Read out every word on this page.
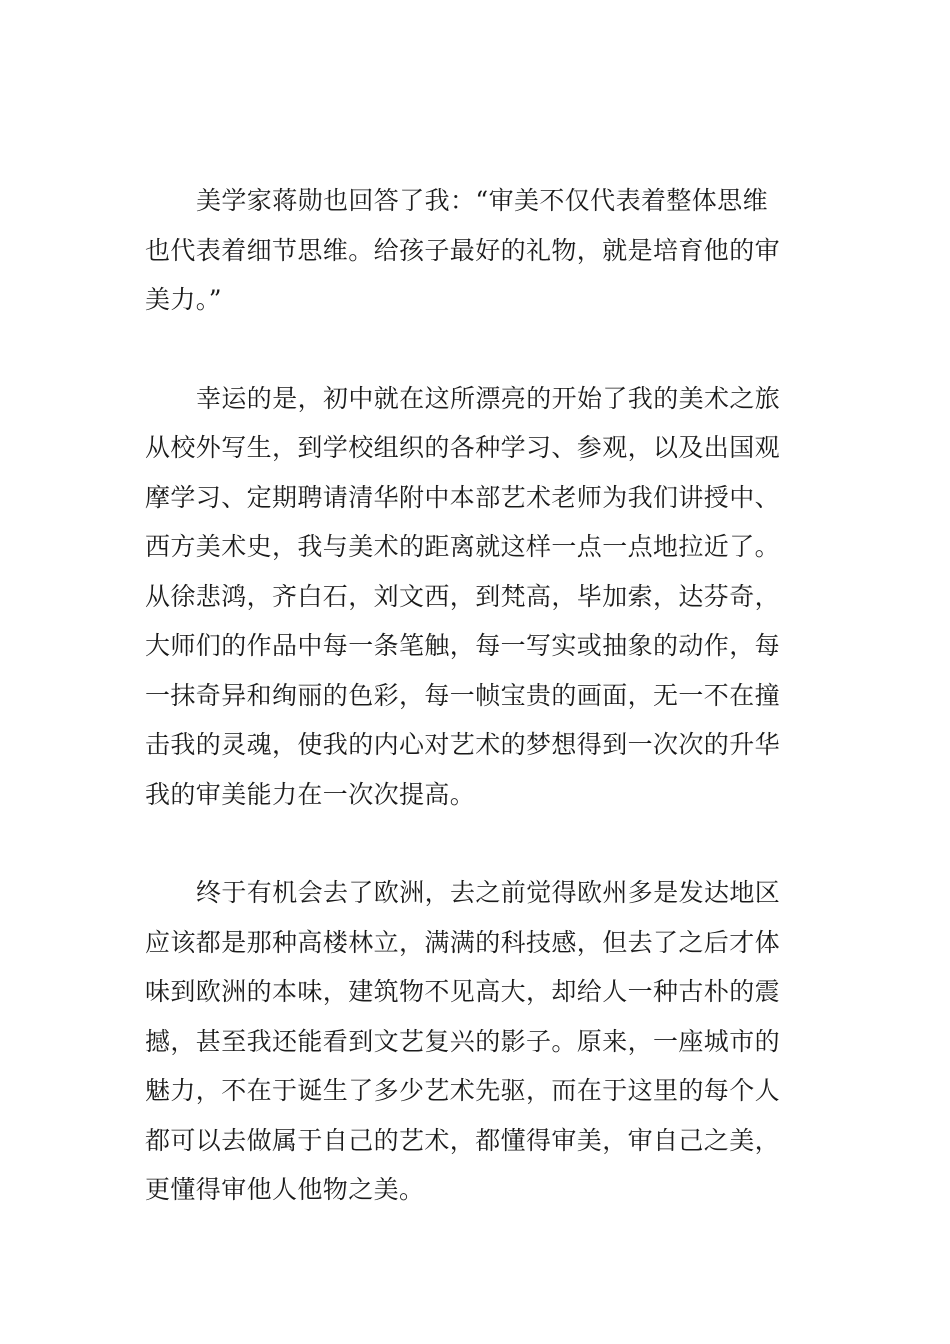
美学家蒋勋也回答了我：“审美不仅代表着整体思维
也代表着细节思维。给孩子最好的礼物，就是培育他的审
美力。”

幸运的是，初中就在这所漂亮的开始了我的美术之旅
从校外写生，到学校组织的各种学习、参观，以及出国观
摩学习、定期聘请清华附中本部艺术老师为我们讲授中、
西方美术史，我与美术的距离就这样一点一点地拉近了。
从徐悲鸿，齐白石，刘文西，到梵高，毕加索，达芬奇，
大师们的作品中每一条笔触，每一写实或抽象的动作，每
一抹奇异和绚丽的色彩，每一帧宝贵的画面，无一不在撞
击我的灵魂，使我的内心对艺术的梦想得到一次次的升华
我的审美能力在一次次提高。

终于有机会去了欧洲，去之前觉得欧州多是发达地区
应该都是那种高楼林立，满满的科技感，但去了之后才体
味到欧洲的本味，建筑物不见高大，却给人一种古朴的震
撼，甚至我还能看到文艺复兴的影子。原来，一座城市的
魅力，不在于诞生了多少艺术先驱，而在于这里的每个人
都可以去做属于自己的艺术，都懂得审美，审自己之美，
更懂得审他人他物之美。
